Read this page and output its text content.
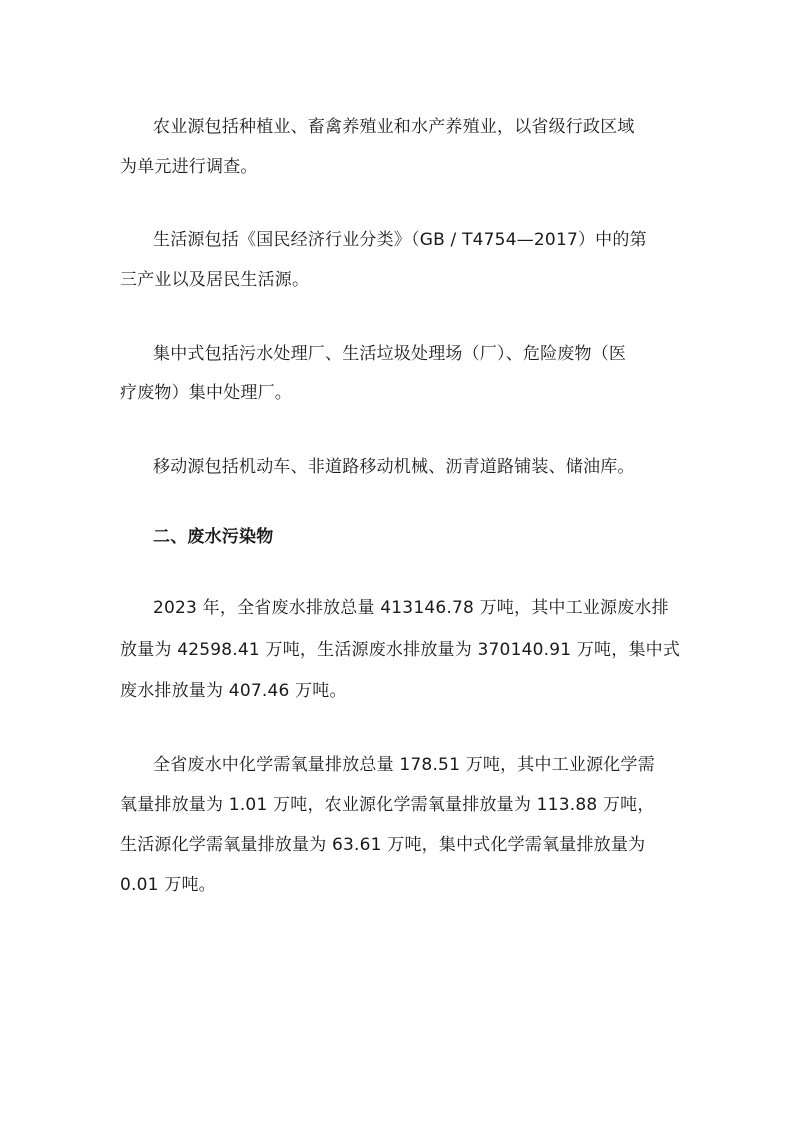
农业源包括种植业、畜禽养殖业和水产养殖业，以省级行政区域
为单元进行调查。
生活源包括《国民经济行业分类》（GB / T4754—2017）中的第
三产业以及居民生活源。
集中式包括污水处理厂、生活垃圾处理场（厂）、危险废物（医
疗废物）集中处理厂。
移动源包括机动车、非道路移动机械、沥青道路铺装、储油库。
二、废水污染物
2023 年，全省废水排放总量 413146.78 万吨，其中工业源废水排
放量为 42598.41 万吨，生活源废水排放量为 370140.91 万吨，集中式
废水排放量为 407.46 万吨。
全省废水中化学需氧量排放总量 178.51 万吨，其中工业源化学需
氧量排放量为 1.01 万吨，农业源化学需氧量排放量为 113.88 万吨，
生活源化学需氧量排放量为 63.61 万吨，集中式化学需氧量排放量为
0.01 万吨。
